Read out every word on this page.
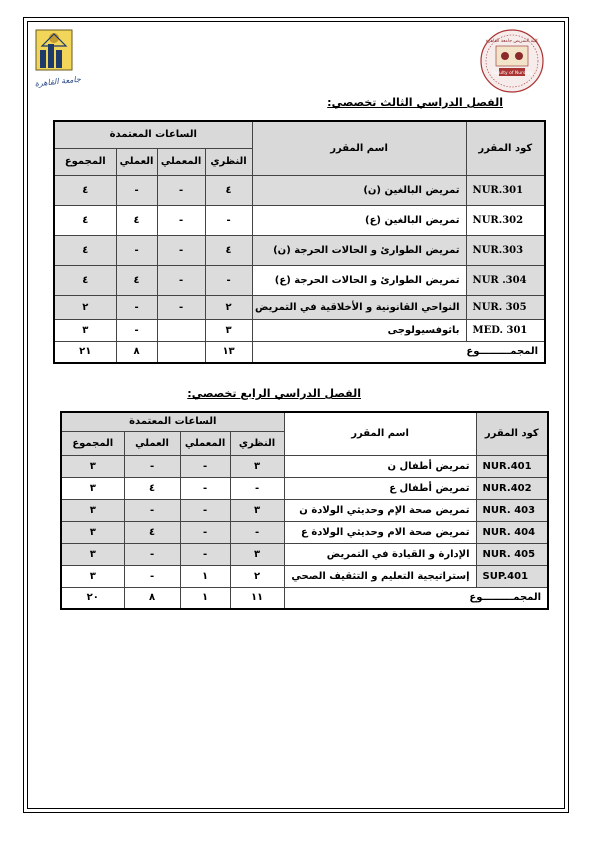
جامعة القاهرة
Faculty of Nursing
كلية التمريض جامعة القاهرة
الفصل الدراسي الثالث تخصصي:
كود المقرر	اسم المقرر	الساعات المعتمدة			
		النظري	المعملي	العملي	المجموع
NUR.301	تمريض البالغين (ن)	٤	-	-	٤
NUR.302	تمريض البالغين (ع)	-	-	٤	٤
NUR.303	تمريض الطوارئ و الحالات الحرجة (ن)	٤	-	-	٤
NUR .304	تمريض الطوارئ و الحالات الحرجة (ع)	-	-	٤	٤
NUR. 305	النواحي القانونية و الأخلاقية في التمريض	٢	-	-	٢
MED. 301	باثوفسيولوجى	٣		-	٣
المجمـــــــــوع		١٣		٨	٢١
الفصل الدراسي الرابع تخصصي:
كود المقرر	اسم المقرر	الساعات المعتمدة			
		النظري	المعملي	العملي	المجموع
NUR.401	تمريض أطفال ن	٣	-	-	٣
NUR.402	تمريض أطفال ع	-	-	٤	٣
NUR. 403	تمريض صحة الإم وحديثي الولادة ن	٣	-	-	٣
NUR. 404	تمريض صحة الام وحديثي الولادة ع	-	-	٤	٣
NUR. 405	الإدارة و القيادة في التمريض	٣	-	-	٣
SUP.401	إستراتيجية التعليم و التثقيف الصحي	٢	١	-	٣
المجمـــــــــوع		١١	١	٨	٢٠
